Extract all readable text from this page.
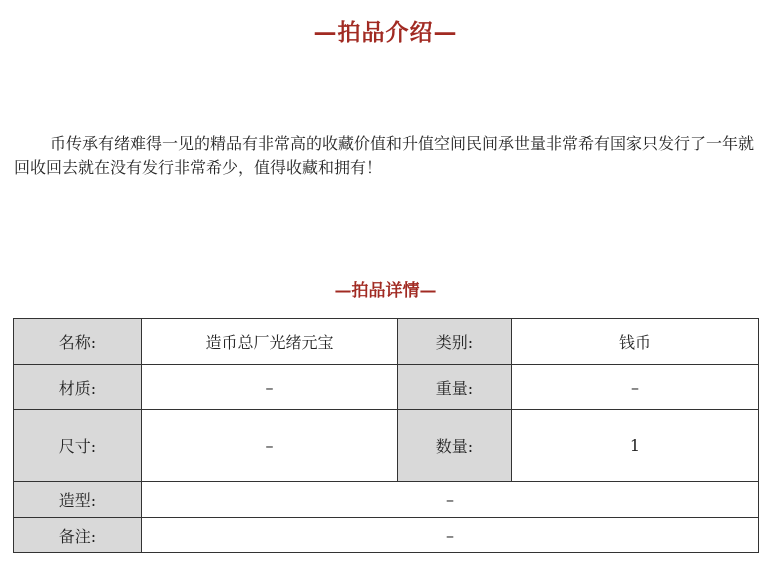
—拍品介绍—

币传承有绪难得一见的精品有非常高的收藏价值和升值空间民间承世量非常希有国家只发行了一年就回收回去就在没有发行非常希少，值得收藏和拥有！

—拍品详情—
名称:	造币总厂光绪元宝	类别:	钱币
材质:	–	重量:	–
尺寸:	–	数量:	1
造型:	–		
备注:	–		
